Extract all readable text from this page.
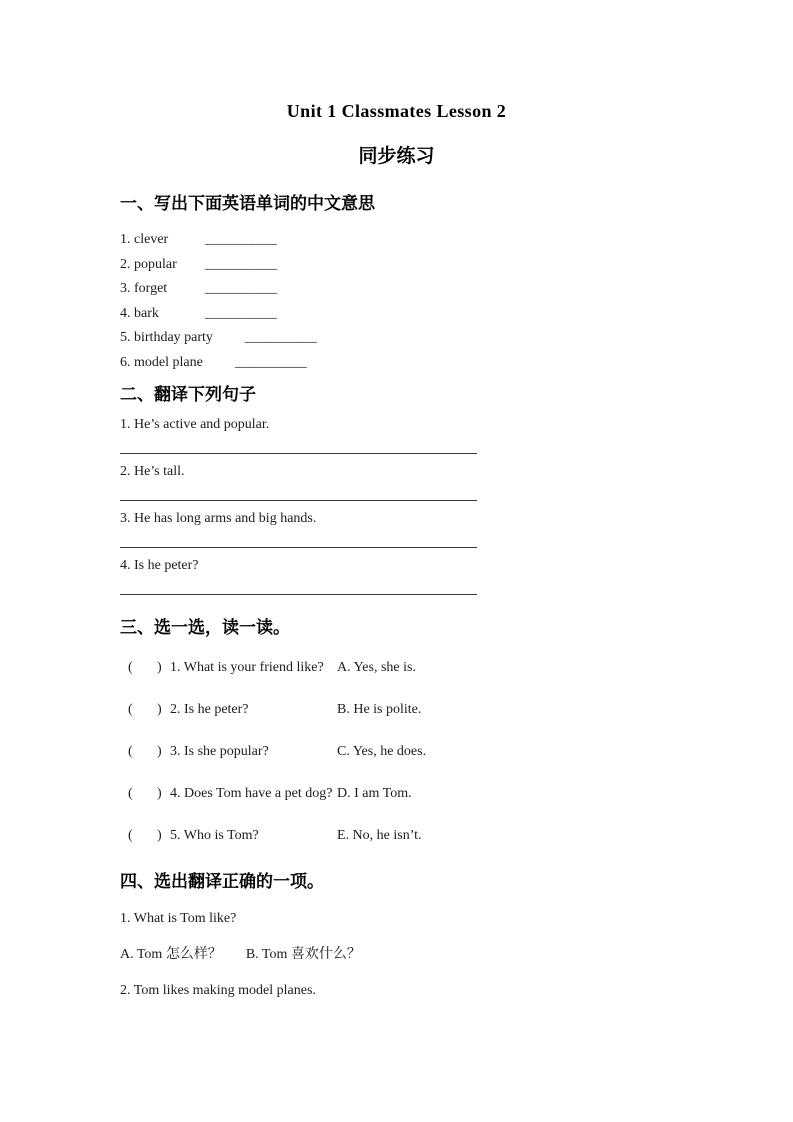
Unit 1 Classmates Lesson 2
同步练习
一、写出下面英语单词的中文意思
1. clever	__________
2. popular __________
3. forget	__________
4. bark	__________
5. birthday party __________
6. model plane __________
二、翻译下列句子

1. He’s active and popular.

2. He’s tall.

3. He has long arms and big hands.

4. Is he peter?

三、选一选，读一读。
(	) 1. What is your friend like? A. Yes, she is.
(	) 2. Is he peter?	B. He is polite.
(	) 3. Is she popular?	C. Yes, he does.
(	) 4. Does Tom have a pet dog? D. I am Tom.
(	) 5. Who is Tom?	E. No, he isn’t.
四、选出翻译正确的一项。

1. What is Tom like?

A. Tom 怎么样？ B. Tom 喜欢什么？

2. Tom likes making model planes.
